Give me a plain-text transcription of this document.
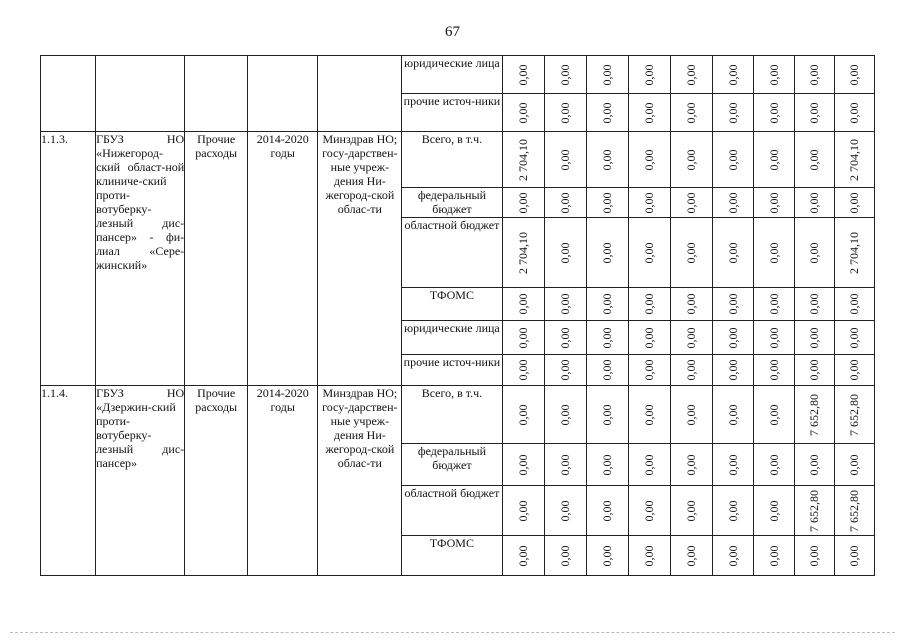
67
					юридические лица	0,00	0,00	0,00	0,00	0,00	0,00	0,00	0,00	0,00

					прочие источ-ники	0,00	0,00	0,00	0,00	0,00	0,00	0,00	0,00	0,00

1.1.3.	ГБУЗ НО «Нижегород-ский област-ной клиниче-ский проти-вотуберку-лезный дис-пансер» - фи-лиал «Сере-жинский»	Прочие расходы	2014-2020 годы	Минздрав НО; госу-дарствен-ные учреж-дения Ни-жегород-ской облас-ти	Всего, в т.ч.	2 704,10	0,00	0,00	0,00	0,00	0,00	0,00	0,00	2 704,10

					федеральный бюджет	0,00	0,00	0,00	0,00	0,00	0,00	0,00	0,00	0,00

					областной бюджет	2 704,10	0,00	0,00	0,00	0,00	0,00	0,00	0,00	2 704,10

					ТФОМС	0,00	0,00	0,00	0,00	0,00	0,00	0,00	0,00	0,00

					юридические лица	0,00	0,00	0,00	0,00	0,00	0,00	0,00	0,00	0,00

					прочие источ-ники	0,00	0,00	0,00	0,00	0,00	0,00	0,00	0,00	0,00

1.1.4.	ГБУЗ НО «Дзержин-ский проти-вотуберку-лезный дис-пансер»	Прочие расходы	2014-2020 годы	Минздрав НО; госу-дарствен-ные учреж-дения Ни-жегород-ской облас-ти	Всего, в т.ч.	0,00	0,00	0,00	0,00	0,00	0,00	0,00	7 652,80	7 652,80

					федеральный бюджет	0,00	0,00	0,00	0,00	0,00	0,00	0,00	0,00	0,00

					областной бюджет	0,00	0,00	0,00	0,00	0,00	0,00	0,00	7 652,80	7 652,80

					ТФОМС	0,00	0,00	0,00	0,00	0,00	0,00	0,00	0,00	0,00
